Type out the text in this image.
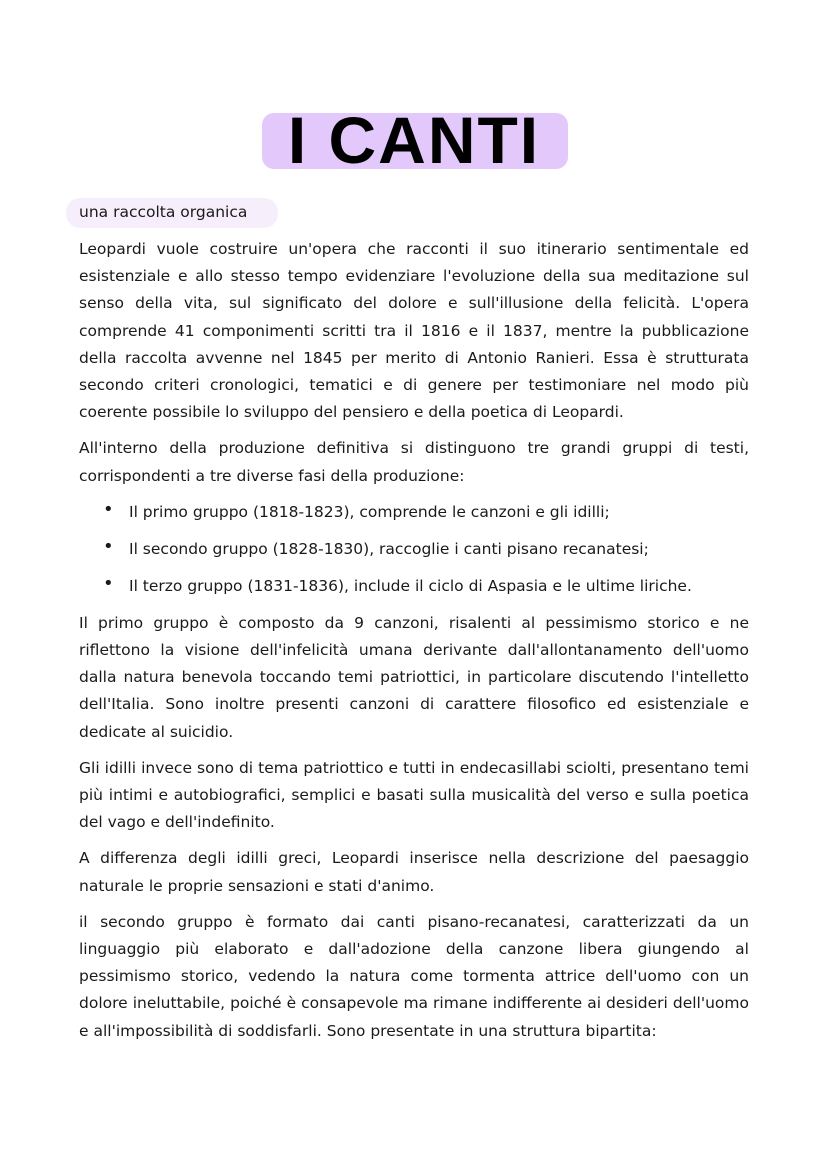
I CANTI
una raccolta organica

Leopardi vuole costruire un'opera che racconti il suo itinerario sentimentale ed esistenziale e allo stesso tempo evidenziare l'evoluzione della sua meditazione sul senso della vita, sul significato del dolore e sull'illusione della felicità. L'opera comprende 41 componimenti scritti tra il 1816 e il 1837, mentre la pubblicazione della raccolta avvenne nel 1845 per merito di Antonio Ranieri. Essa è strutturata secondo criteri cronologici, tematici e di genere per testimoniare nel modo più coerente possibile lo sviluppo del pensiero e della poetica di Leopardi.

All'interno della produzione definitiva si distinguono tre grandi gruppi di testi, corrispondenti a tre diverse fasi della produzione:

• Il primo gruppo (1818-1823), comprende le canzoni e gli idilli;
• Il secondo gruppo (1828-1830), raccoglie i canti pisano recanatesi;
• Il terzo gruppo (1831-1836), include il ciclo di Aspasia e le ultime liriche.

Il primo gruppo è composto da 9 canzoni, risalenti al pessimismo storico e ne riflettono la visione dell'infelicità umana derivante dall'allontanamento dell'uomo dalla natura benevola toccando temi patriottici, in particolare discutendo l'intelletto dell'Italia. Sono inoltre presenti canzoni di carattere filosofico ed esistenziale e dedicate al suicidio.

Gli idilli invece sono di tema patriottico e tutti in endecasillabi sciolti, presentano temi più intimi e autobiografici, semplici e basati sulla musicalità del verso e sulla poetica del vago e dell'indefinito.

A differenza degli idilli greci, Leopardi inserisce nella descrizione del paesaggio naturale le proprie sensazioni e stati d'animo.

il secondo gruppo è formato dai canti pisano-recanatesi, caratterizzati da un linguaggio più elaborato e dall'adozione della canzone libera giungendo al pessimismo storico, vedendo la natura come tormenta attrice dell'uomo con un dolore ineluttabile, poiché è consapevole ma rimane indifferente ai desideri dell'uomo e all'impossibilità di soddisfarli. Sono presentate in una struttura bipartita:
